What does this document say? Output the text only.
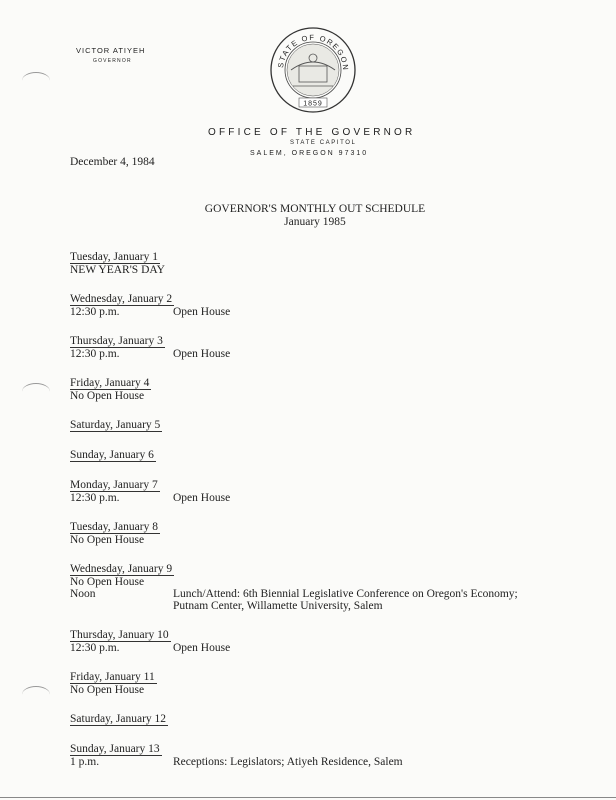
VICTOR ATIYEH
GOVERNOR	STATE OF OREGON
1859
OFFICE OF THE GOVERNOR
STATE CAPITOL
SALEM, OREGON 97310
December 4, 1984
GOVERNOR'S MONTHLY OUT SCHEDULE
January 1985
Tuesday, January 1
NEW YEAR'S DAY
Wednesday, January 2
12:30 p.m.	Open House
Thursday, January 3
12:30 p.m.	Open House
Friday, January 4
No Open House
Saturday, January 5
Sunday, January 6
Monday, January 7
12:30 p.m.	Open House
Tuesday, January 8
No Open House
Wednesday, January 9
No Open House
Noon	Lunch/Attend: 6th Biennial Legislative Conference on Oregon's Economy; Putnam Center, Willamette University, Salem
Thursday, January 10
12:30 p.m.	Open House
Friday, January 11
No Open House
Saturday, January 12
Sunday, January 13
1 p.m.	Receptions: Legislators; Atiyeh Residence, Salem
